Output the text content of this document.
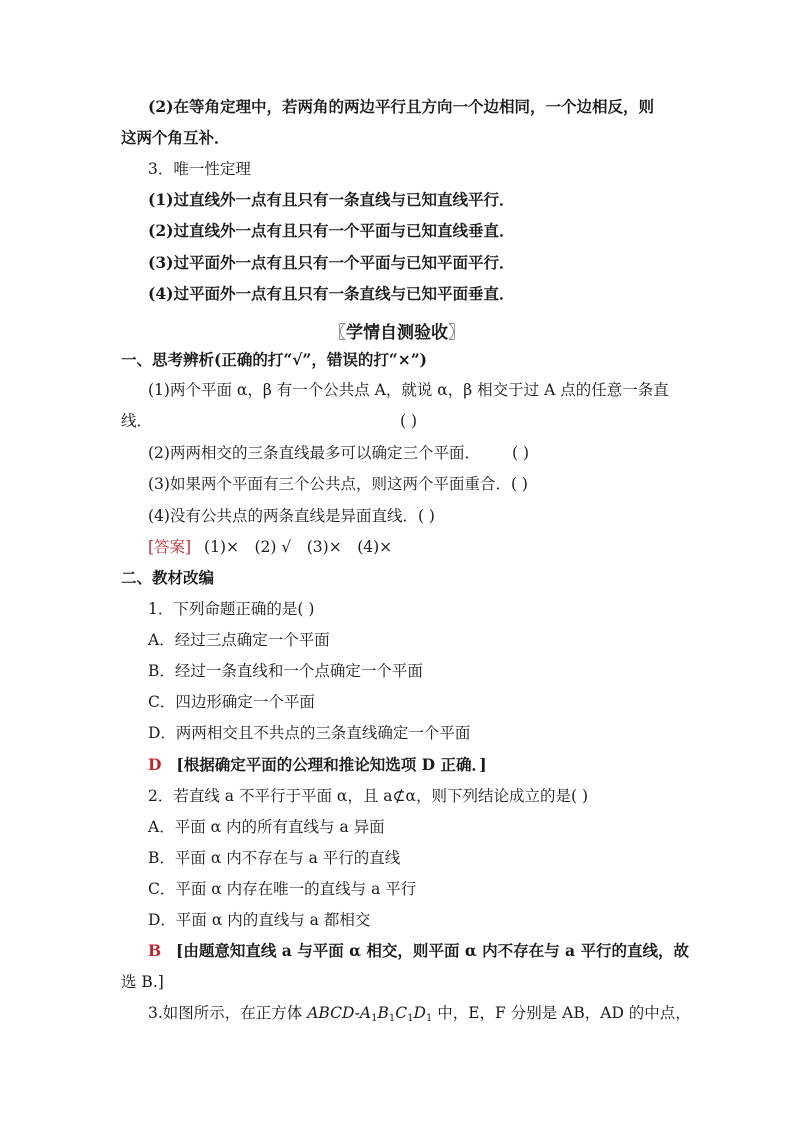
(2)在等角定理中，若两角的两边平行且方向一个边相同，一个边相反，则
这两个角互补．
3．唯一性定理
(1)过直线外一点有且只有一条直线与已知直线平行．
(2)过直线外一点有且只有一个平面与已知直线垂直．
(3)过平面外一点有且只有一个平面与已知平面平行．
(4)过平面外一点有且只有一条直线与已知平面垂直．
〖学情自测验收〗
一、思考辨析(正确的打“√”，错误的打“×”)
(1)两个平面 α，β 有一个公共点 A，就说 α，β 相交于过 A 点的任意一条直
线．	( )
(2)两两相交的三条直线最多可以确定三个平面． ( )
(3)如果两个平面有三个公共点，则这两个平面重合．( )
(4)没有公共点的两条直线是异面直线．( )
[答案] (1)×　(2) √　(3)×　(4)×
二、教材改编
1．下列命题正确的是( )
A．经过三点确定一个平面
B．经过一条直线和一个点确定一个平面
C．四边形确定一个平面
D．两两相交且不共点的三条直线确定一个平面
D [根据确定平面的公理和推论知选项 D 正确．]
2．若直线 a 不平行于平面 α，且 a⊄α，则下列结论成立的是( )
A．平面 α 内的所有直线与 a 异面
B．平面 α 内不存在与 a 平行的直线
C．平面 α 内存在唯一的直线与 a 平行
D．平面 α 内的直线与 a 都相交
B [由题意知直线 a 与平面 α 相交，则平面 α 内不存在与 a 平行的直线，故
选 B.]
3.如图所示，在正方体 ABCD-$A_1B_1C_1D_1$ 中，E，F 分别是 AB，AD 的中点，
